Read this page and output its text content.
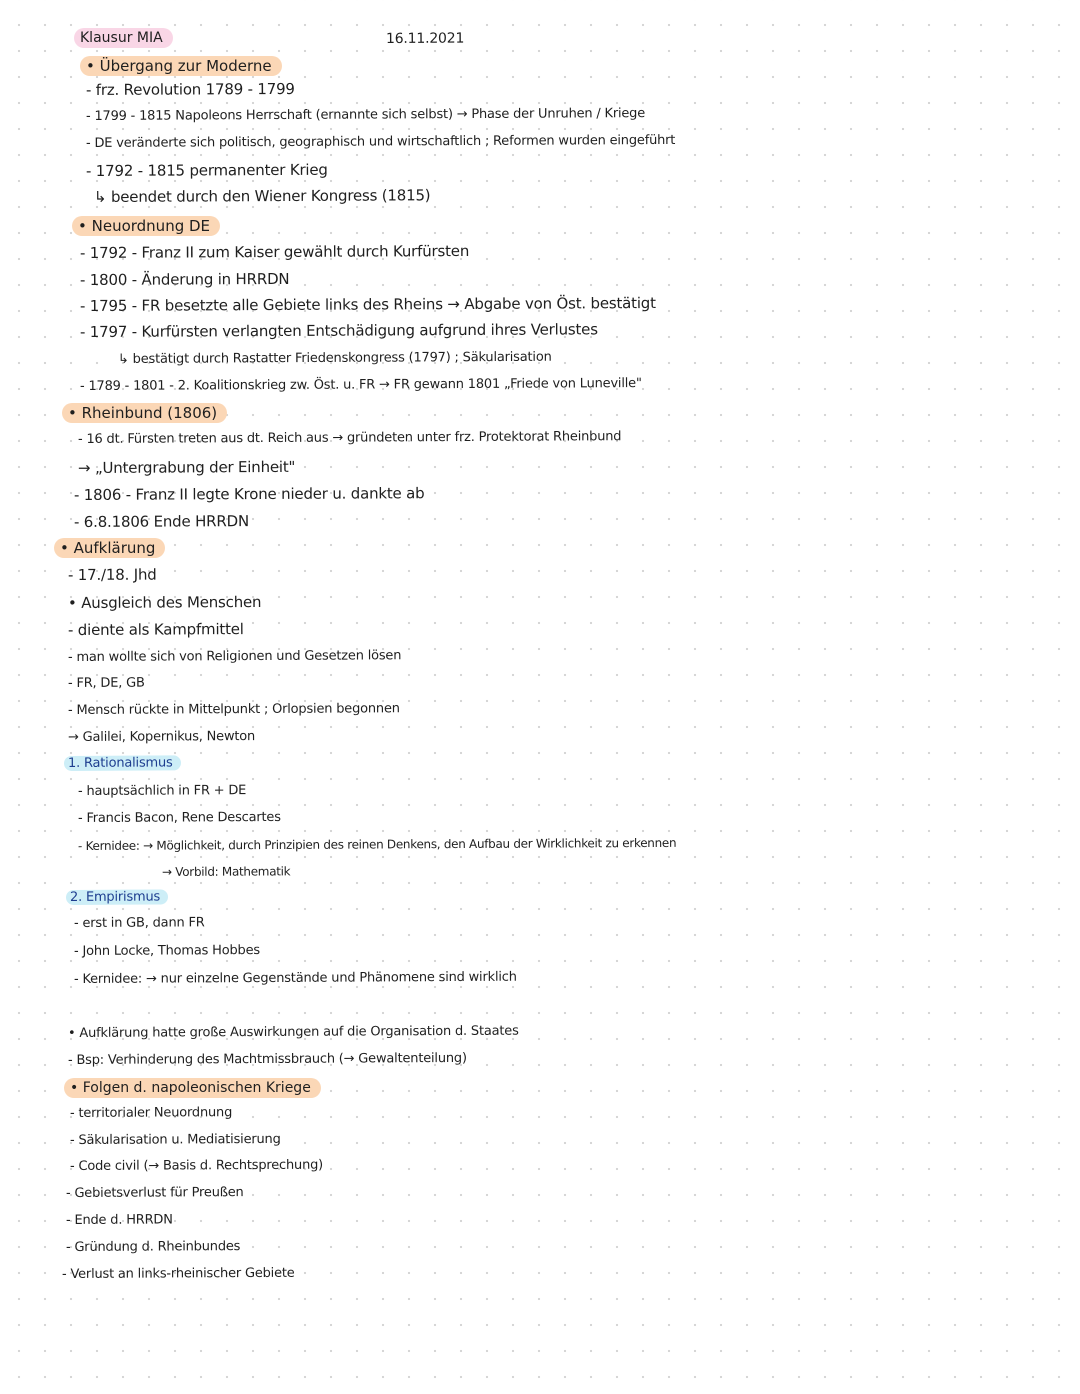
Klausur MIA	16.11.2021
• Übergang zur Moderne
- frz. Revolution 1789 - 1799
- 1799 - 1815 Napoleons Herrschaft (ernannte sich selbst) → Phase der Unruhen / Kriege
- DE veränderte sich politisch, geographisch und wirtschaftlich ; Reformen wurden eingeführt
- 1792 - 1815 permanenter Krieg
↳ beendet durch den Wiener Kongress (1815)
• Neuordnung DE
- 1792 - Franz II zum Kaiser gewählt durch Kurfürsten
- 1800 - Änderung in HRRDN
- 1795 - FR besetzte alle Gebiete links des Rheins → Abgabe von Öst. bestätigt
- 1797 - Kurfürsten verlangten Entschädigung aufgrund ihres Verlustes
↳ bestätigt durch Rastatter Friedenskongress (1797) ; Säkularisation
- 1789 - 1801 - 2. Koalitionskrieg zw. Öst. u. FR → FR gewann 1801 „Friede von Luneville"
• Rheinbund (1806)
- 16 dt. Fürsten treten aus dt. Reich aus → gründeten unter frz. Protektorat Rheinbund
→ „Untergrabung der Einheit"
- 1806 - Franz II legte Krone nieder u. dankte ab
- 6.8.1806 Ende HRRDN
• Aufklärung
- 17./18. Jhd
• Ausgleich des Menschen
- diente als Kampfmittel
- man wollte sich von Religionen und Gesetzen lösen
- FR, DE, GB
- Mensch rückte in Mittelpunkt ; Orlopsien begonnen
→ Galilei, Kopernikus, Newton
1. Rationalismus
- hauptsächlich in FR + DE
- Francis Bacon, Rene Descartes
- Kernidee: → Möglichkeit, durch Prinzipien des reinen Denkens, den Aufbau der Wirklichkeit zu erkennen
→ Vorbild: Mathematik
2. Empirismus
- erst in GB, dann FR
- John Locke, Thomas Hobbes
- Kernidee: → nur einzelne Gegenstände und Phänomene sind wirklich
• Aufklärung hatte große Auswirkungen auf die Organisation d. Staates
- Bsp: Verhinderung des Machtmissbrauch (→ Gewaltenteilung)
• Folgen d. napoleonischen Kriege
- territorialer Neuordnung
- Säkularisation u. Mediatisierung
- Code civil (→ Basis d. Rechtsprechung)
- Gebietsverlust für Preußen
- Ende d. HRRDN
- Gründung d. Rheinbundes
- Verlust an links-rheinischer Gebiete
